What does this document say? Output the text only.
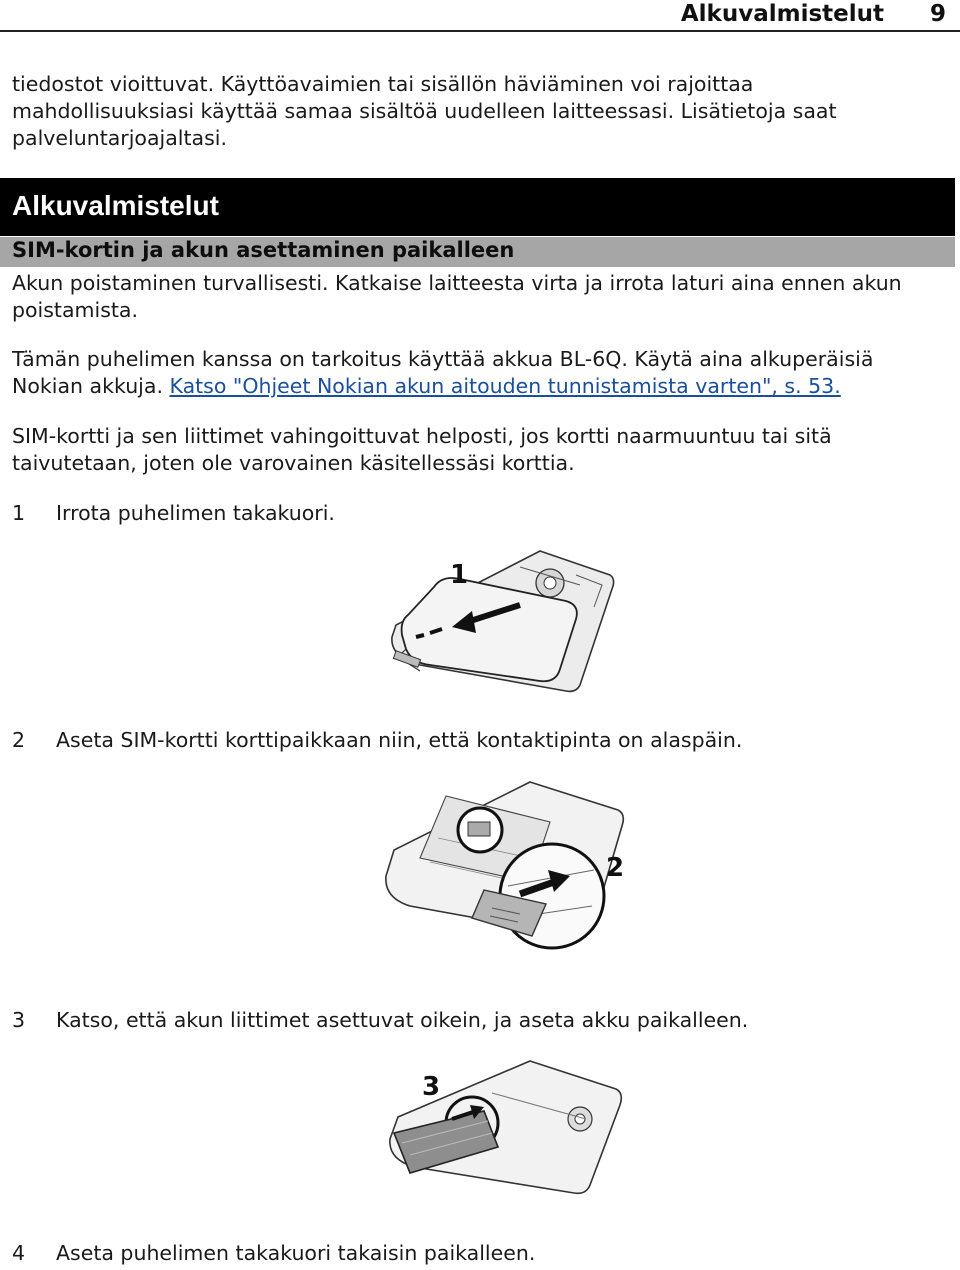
Alkuvalmistelut 9

tiedostot vioittuvat. Käyttöavaimien tai sisällön häviäminen voi rajoittaa

mahdollisuuksiasi käyttää samaa sisältöä uudelleen laitteessasi. Lisätietoja saat

palveluntarjoajaltasi.

Alkuvalmistelut
SIM-kortin ja akun asettaminen paikalleen

Akun poistaminen turvallisesti. Katkaise laitteesta virta ja irrota laturi aina ennen akun

poistamista.

Tämän puhelimen kanssa on tarkoitus käyttää akkua BL-6Q. Käytä aina alkuperäisiä

Nokian akkuja. Katso "Ohjeet Nokian akun aitouden tunnistamista varten", s. 53.

SIM-kortti ja sen liittimet vahingoittuvat helposti, jos kortti naarmuuntuu tai sitä

taivutetaan, joten ole varovainen käsitellessäsi korttia.

1 Irrota puhelimen takakuori.
1
2 Aseta SIM-kortti korttipaikkaan niin, että kontaktipinta on alaspäin.
2
3 Katso, että akun liittimet asettuvat oikein, ja aseta akku paikalleen.
3
4 Aseta puhelimen takakuori takaisin paikalleen.
